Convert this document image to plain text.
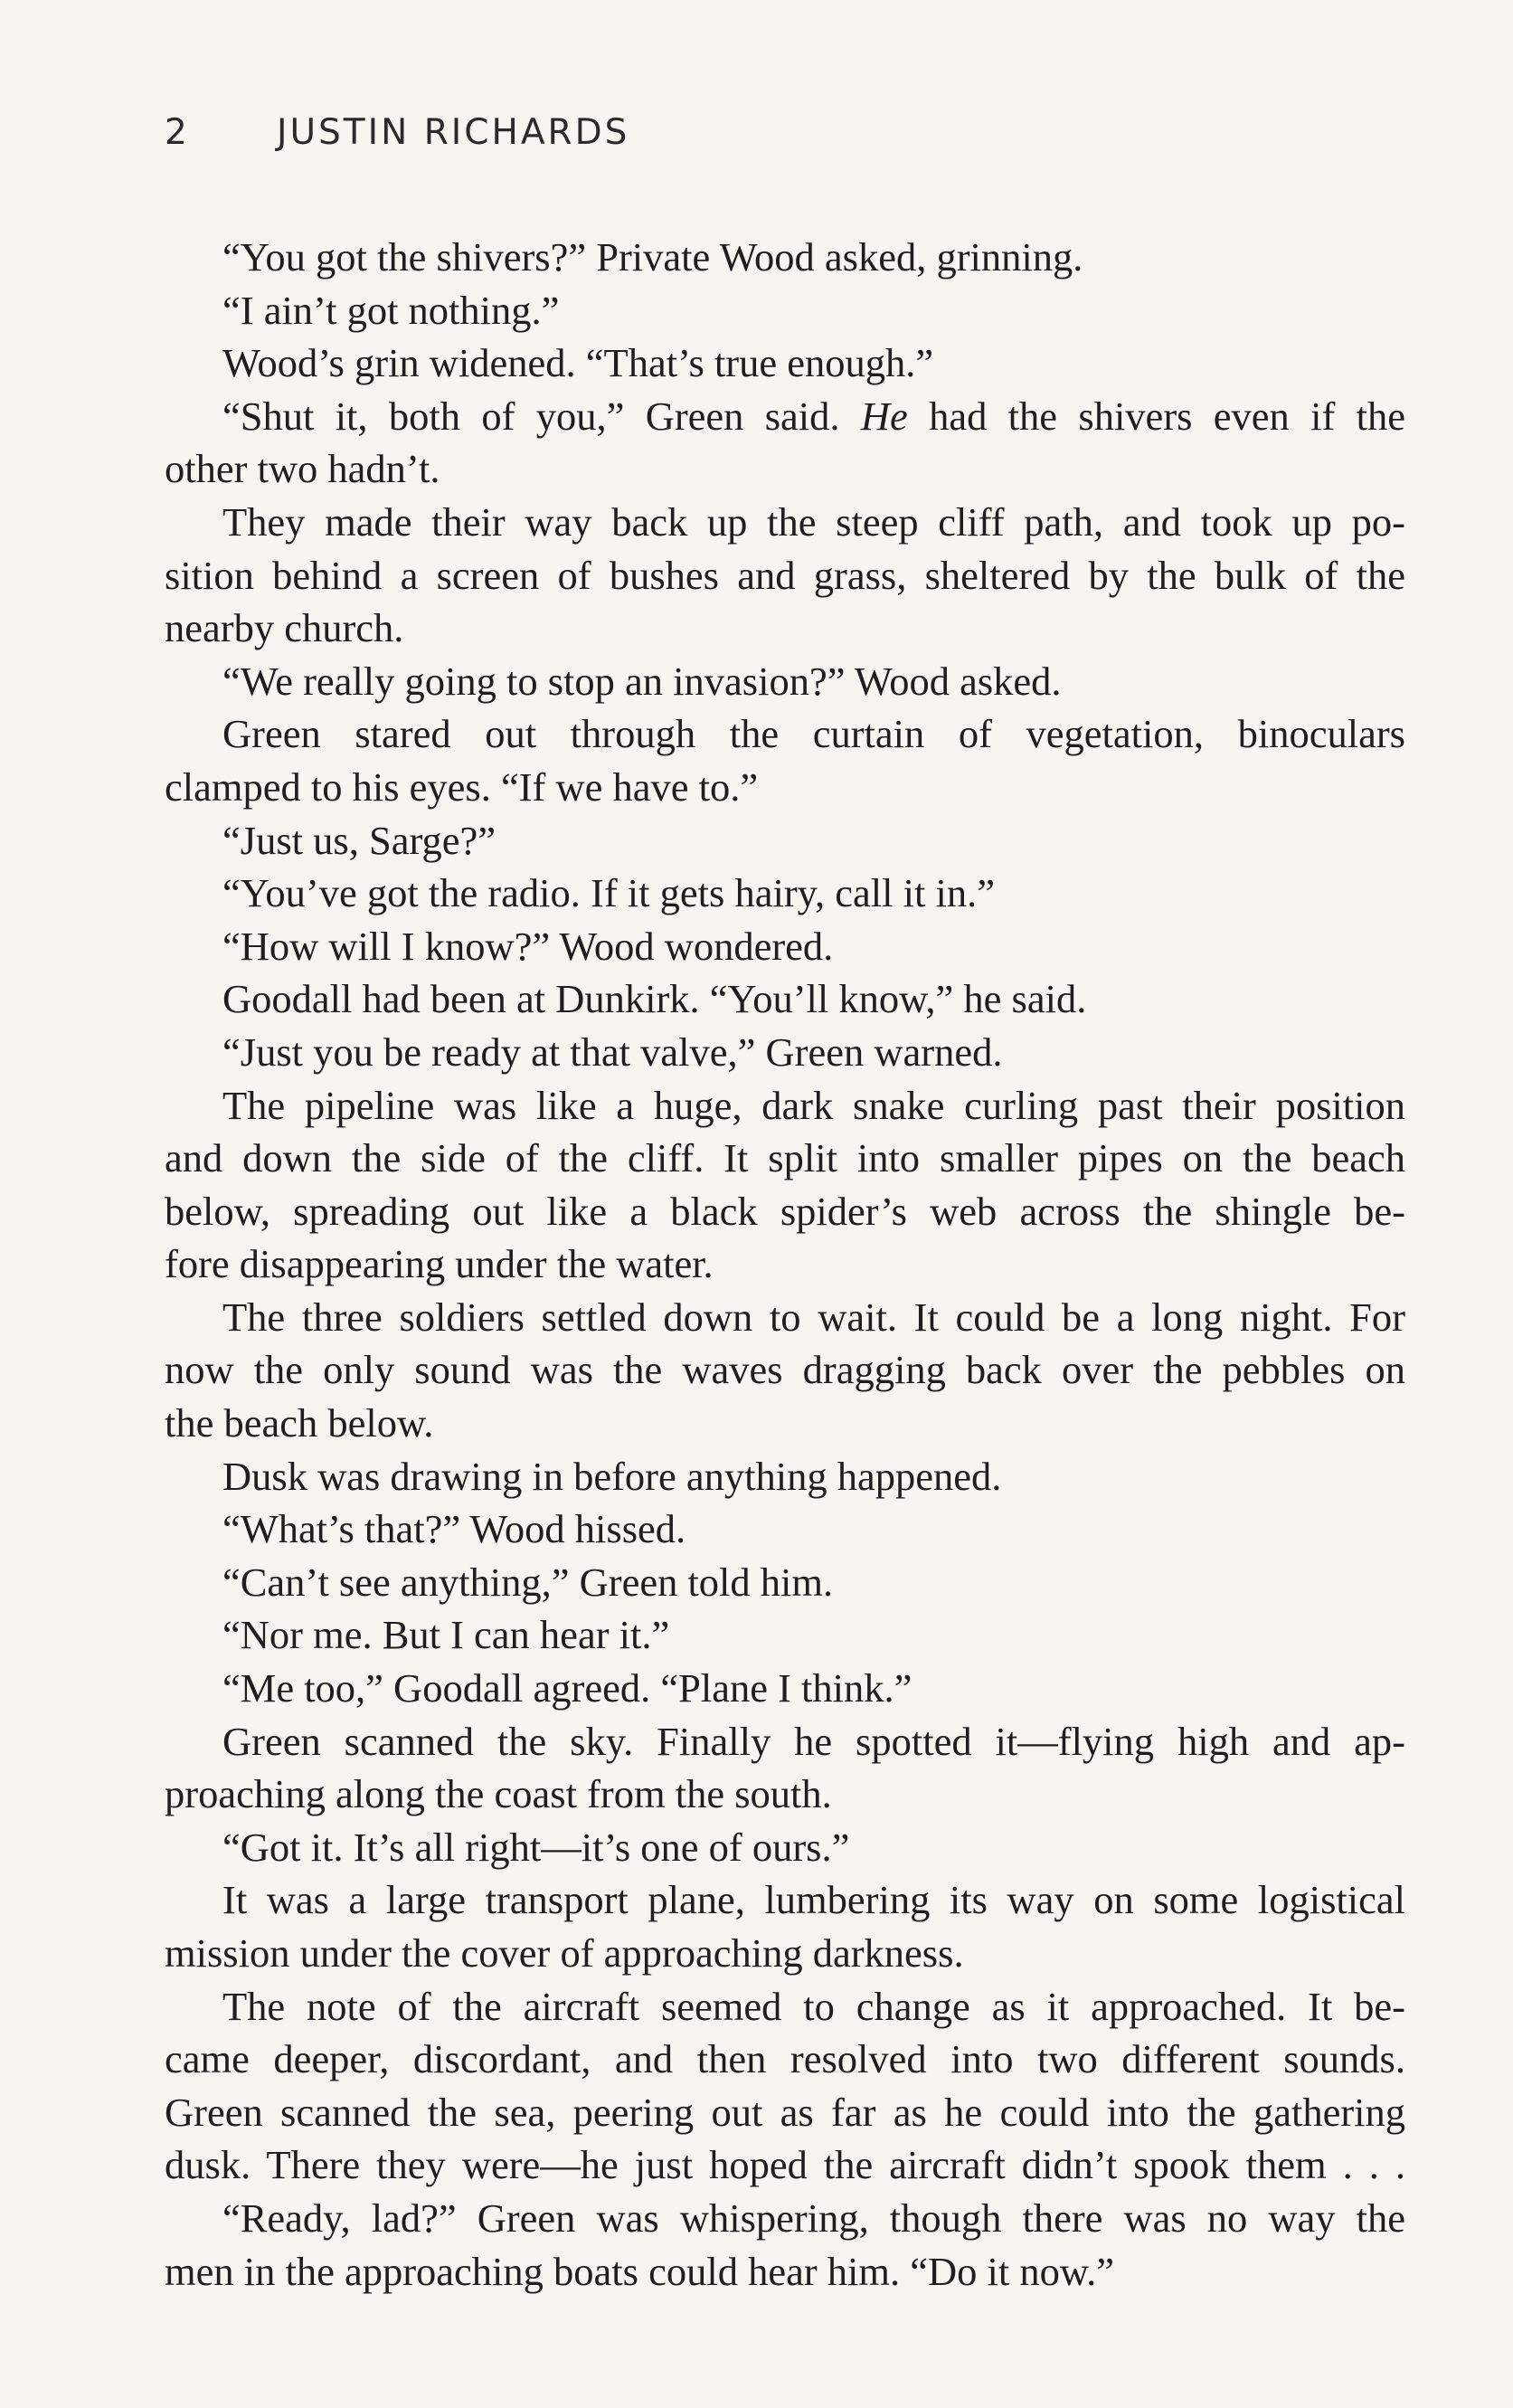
2 JUSTIN RICHARDS
“You got the shivers?” Private Wood asked, grinning.
“I ain’t got nothing.”
Wood’s grin widened. “That’s true enough.”
“Shut it, both of you,” Green said. He had the shivers even if the
other two hadn’t.
They made their way back up the steep cliff path, and took up po-
sition behind a screen of bushes and grass, sheltered by the bulk of the
nearby church.
“We really going to stop an invasion?” Wood asked.
Green stared out through the curtain of vegetation, binoculars
clamped to his eyes. “If we have to.”
“Just us, Sarge?”
“You’ve got the radio. If it gets hairy, call it in.”
“How will I know?” Wood wondered.
Goodall had been at Dunkirk. “You’ll know,” he said.
“Just you be ready at that valve,” Green warned.
The pipeline was like a huge, dark snake curling past their position
and down the side of the cliff. It split into smaller pipes on the beach
below, spreading out like a black spider’s web across the shingle be-
fore disappearing under the water.
The three soldiers settled down to wait. It could be a long night. For
now the only sound was the waves dragging back over the pebbles on
the beach below.
Dusk was drawing in before anything happened.
“What’s that?” Wood hissed.
“Can’t see anything,” Green told him.
“Nor me. But I can hear it.”
“Me too,” Goodall agreed. “Plane I think.”
Green scanned the sky. Finally he spotted it—flying high and ap-
proaching along the coast from the south.
“Got it. It’s all right—it’s one of ours.”
It was a large transport plane, lumbering its way on some logistical
mission under the cover of approaching darkness.
The note of the aircraft seemed to change as it approached. It be-
came deeper, discordant, and then resolved into two different sounds.
Green scanned the sea, peering out as far as he could into the gathering
dusk. There they were—he just hoped the aircraft didn’t spook them . . .
“Ready, lad?” Green was whispering, though there was no way the
men in the approaching boats could hear him. “Do it now.”
